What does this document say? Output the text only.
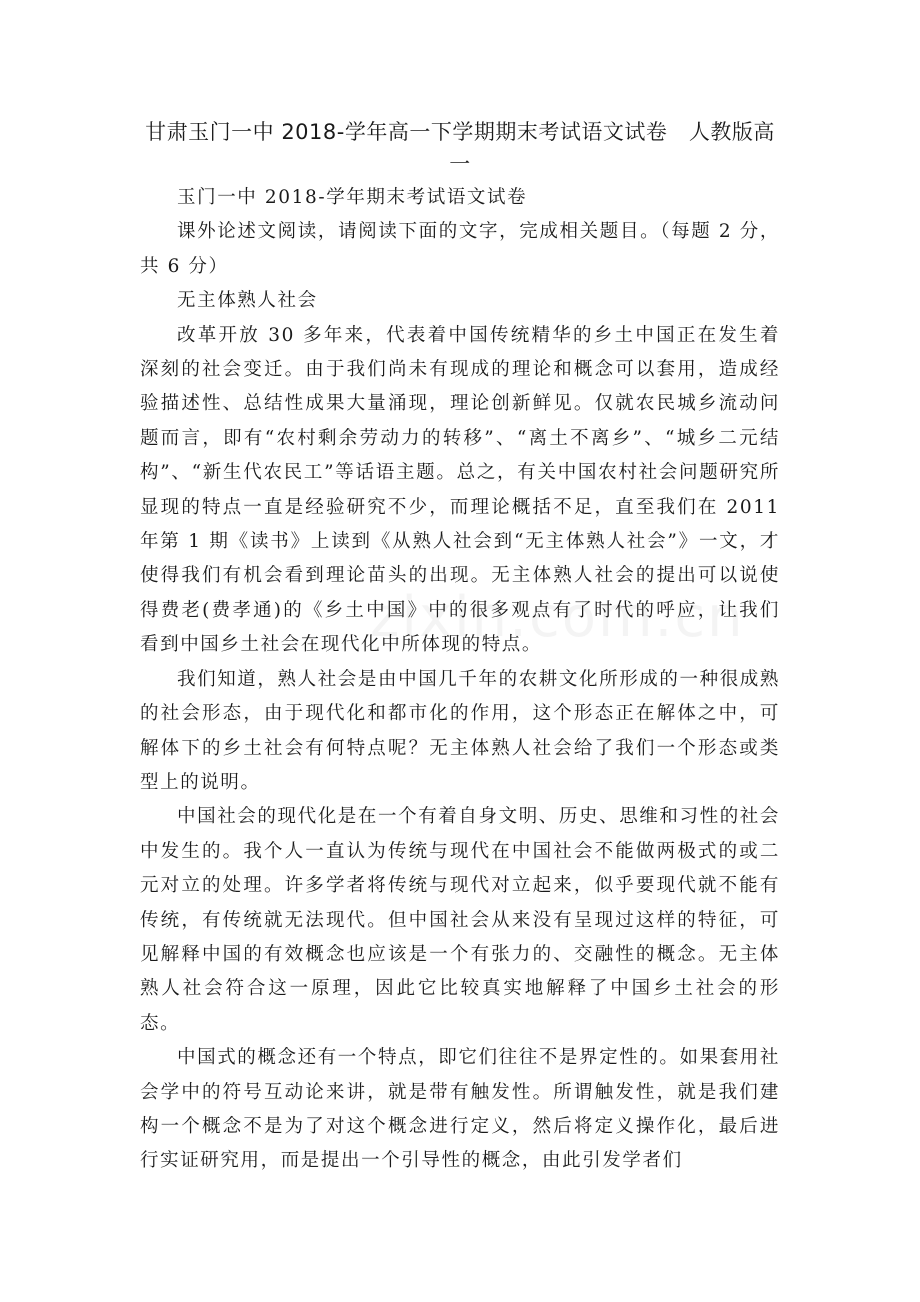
甘肃玉门一中 2018-学年高一下学期期末考试语文试卷　人教版高一

玉门一中 2018-学年期末考试语文试卷

课外论述文阅读，请阅读下面的文字，完成相关题目。（每题 2 分，共 6 分）

无主体熟人社会

改革开放 30 多年来，代表着中国传统精华的乡土中国正在发生着深刻的社会变迁。由于我们尚未有现成的理论和概念可以套用，造成经验描述性、总结性成果大量涌现，理论创新鲜见。仅就农民城乡流动问题而言，即有“农村剩余劳动力的转移”、“离土不离乡”、“城乡二元结构”、“新生代农民工”等话语主题。总之，有关中国农村社会问题研究所显现的特点一直是经验研究不少，而理论概括不足，直至我们在 2011 年第 1 期《读书》上读到《从熟人社会到“无主体熟人社会”》一文，才使得我们有机会看到理论苗头的出现。无主体熟人社会的提出可以说使得费老(费孝通)的《乡土中国》中的很多观点有了时代的呼应，让我们看到中国乡土社会在现代化中所体现的特点。

我们知道，熟人社会是由中国几千年的农耕文化所形成的一种很成熟的社会形态，由于现代化和都市化的作用，这个形态正在解体之中，可解体下的乡土社会有何特点呢？无主体熟人社会给了我们一个形态或类型上的说明。

中国社会的现代化是在一个有着自身文明、历史、思维和习性的社会中发生的。我个人一直认为传统与现代在中国社会不能做两极式的或二元对立的处理。许多学者将传统与现代对立起来，似乎要现代就不能有传统，有传统就无法现代。但中国社会从来没有呈现过这样的特征，可见解释中国的有效概念也应该是一个有张力的、交融性的概念。无主体熟人社会符合这一原理，因此它比较真实地解释了中国乡土社会的形态。

中国式的概念还有一个特点，即它们往往不是界定性的。如果套用社会学中的符号互动论来讲，就是带有触发性。所谓触发性，就是我们建构一个概念不是为了对这个概念进行定义，然后将定义操作化，最后进行实证研究用，而是提出一个引导性的概念，由此引发学者们
